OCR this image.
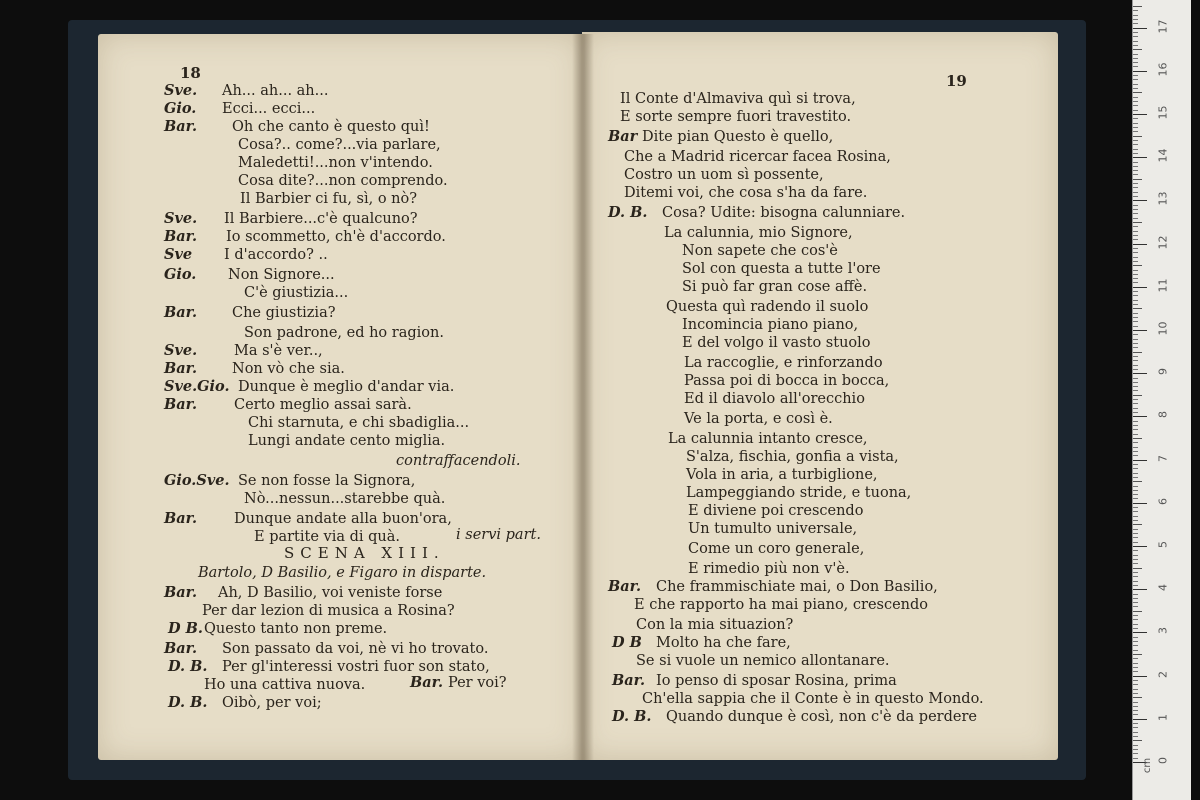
18
Sve. Ah... ah... ah...
Gio. Ecci... ecci...
Bar. Oh che canto è questo quì!
Cosa?.. come?...via parlare,
Maledetti!...non v'intendo.
Cosa dite?...non comprendo.
Il Barbier ci fu, sì, o nò?
Sve. Il Barbiere...c'è qualcuno?
Bar. Io scommetto, ch'è d'accordo.
Sve I d'accordo? ..
Gio. Non Signore...
C'è giustizia...
Bar. Che giustizia?
Son padrone, ed ho ragion.
Sve.	Ma s'è ver..,
Bar. Non vò che sia.
Sve.Gio. Dunque è meglio d'andar via.
Bar.	Certo meglio assai sarà.
Chi starnuta, e chi sbadiglia...
Lungi andate cento miglia.
contraffacendoli.
Gio.Sve. Se non fosse la Signora,
Nò...nessun...starebbe quà.
Bar.	Dunque andate alla buon'ora,
E partite via di quà.	i servi part.
SCENA XIII.
Bartolo, D Basilio, e Figaro in disparte.
Bar. Ah, D Basilio, voi veniste forse
Per dar lezion di musica a Rosina?
D B. Questo tanto non preme.
Bar. Son passato da voi, nè vi ho trovato.
D. B. Per gl'interessi vostri fuor son stato,
Ho una cattiva nuova.	Bar. Per voi?
D. B. Oibò, per voi;
19
Il Conte d'Almaviva quì si trova,
E sorte sempre fuori travestito.
Bar Dite pian Questo è quello,
Che a Madrid ricercar facea Rosina,
Costro un uom sì possente,
Ditemi voi, che cosa s'ha da fare.
D. B. Cosa? Udite: bisogna calunniare.
La calunnia, mio Signore,
Non sapete che cos'è
Sol con questa a tutte l'ore
Si può far gran cose affè.
Questa quì radendo il suolo
Incomincia piano piano,
E del volgo il vasto stuolo
La raccoglie, e rinforzando
Passa poi di bocca in bocca,
Ed il diavolo all'orecchio
Ve la porta, e così è.
La calunnia intanto cresce,
S'alza, fischia, gonfia a vista,
Vola in aria, a turbiglione,
Lampeggiando stride, e tuona,
E diviene poi crescendo
Un tumulto universale,
Come un coro generale,
E rimedio più non v'è.
Bar. Che frammischiate mai, o Don Basilio,
E che rapporto ha mai piano, crescendo
Con la mia situazion?
D B Molto ha che fare,
Se si vuole un nemico allontanare.
Bar. Io penso di sposar Rosina, prima
Ch'ella sappia che il Conte è in questo Mondo.
D. B. Quando dunque è così, non c'è da perdere
0
1
2
3
4
5
6
7
8
9
10
11
12
13
14
15
16
17
cm
